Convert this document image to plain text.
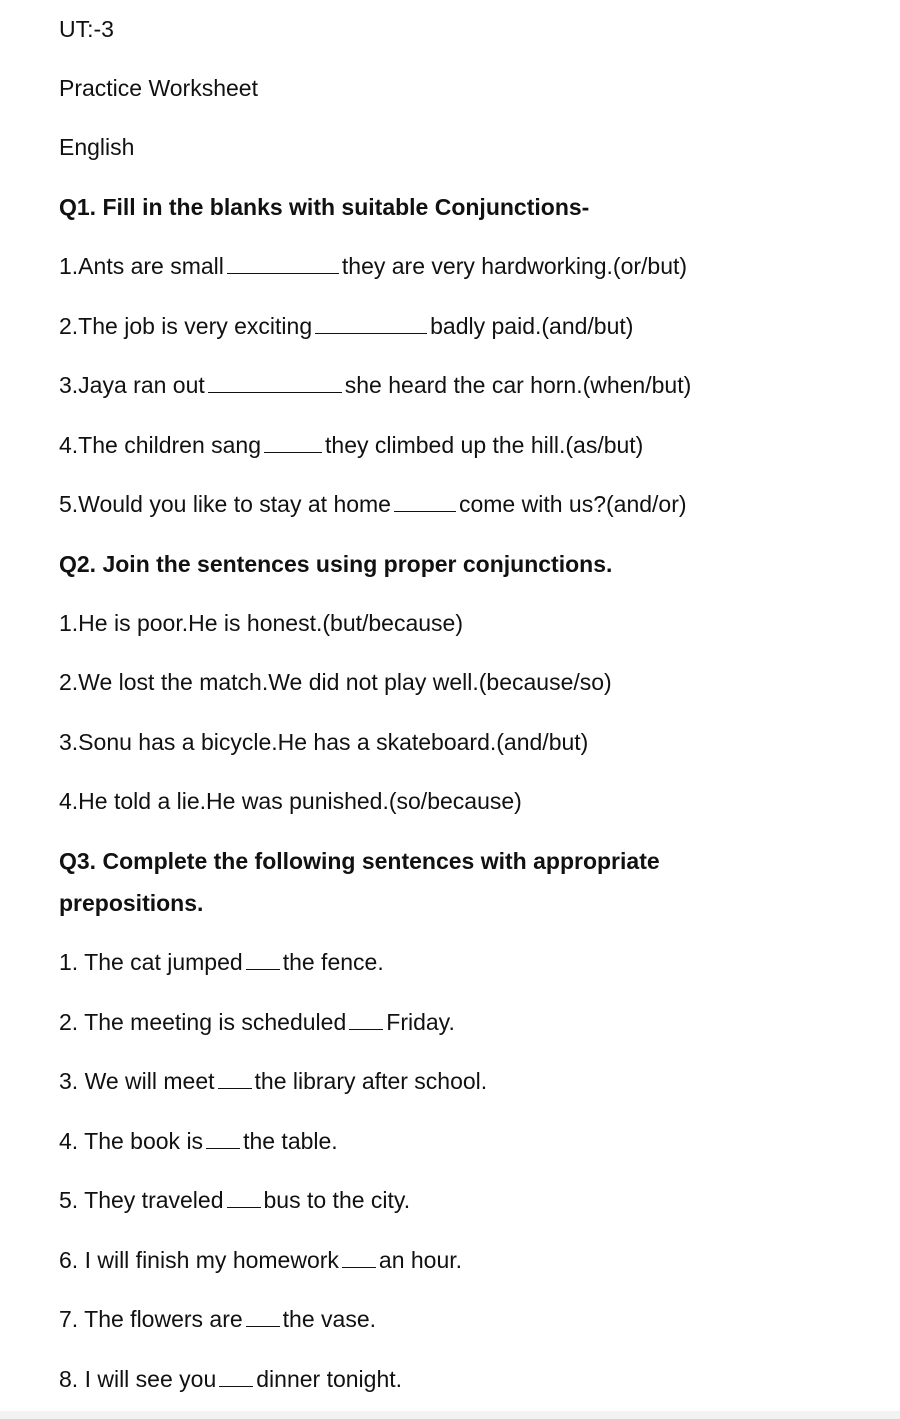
UT:-3
Practice Worksheet
English
Q1. Fill in the blanks with suitable Conjunctions-
1.Ants are small	they are very hardworking.(or/but)
2.The job is very exciting	badly paid.(and/but)
3.Jaya ran out	she heard the car horn.(when/but)
4.The children sang	they climbed up the hill.(as/but)
5.Would you like to stay at home	come with us?(and/or)
Q2. Join the sentences using proper conjunctions.
1.He is poor.He is honest.(but/because)
2.We lost the match.We did not play well.(because/so)
3.Sonu has a bicycle.He has a skateboard.(and/but)
4.He told a lie.He was punished.(so/because)
Q3. Complete the following sentences with appropriate
prepositions.
1. The cat jumped the fence.
2. The meeting is scheduled Friday.
3. We will meet the library after school.
4. The book is the table.
5. They traveled bus to the city.
6. I will finish my homework an hour.
7. The flowers are the vase.
8. I will see you dinner tonight.
